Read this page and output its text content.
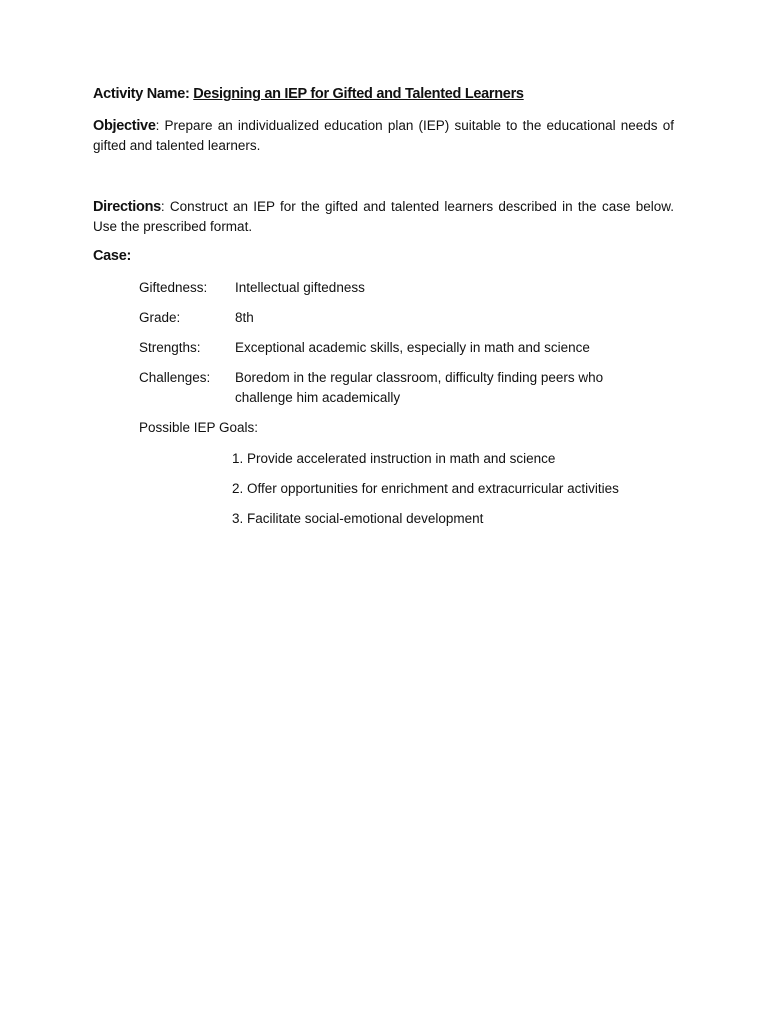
Activity Name: Designing an IEP for Gifted and Talented Learners
Objective: Prepare an individualized education plan (IEP) suitable to the educational needs of gifted and talented learners.
Directions: Construct an IEP for the gifted and talented learners described in the case below. Use the prescribed format.
Case:
Giftedness: Intellectual giftedness
Grade:	8th
Strengths:	Exceptional academic skills, especially in math and science
Challenges: Boredom in the regular classroom, difficulty finding peers who challenge him academically
Possible IEP Goals:
1. Provide accelerated instruction in math and science
2. Offer opportunities for enrichment and extracurricular activities
3. Facilitate social-emotional development
